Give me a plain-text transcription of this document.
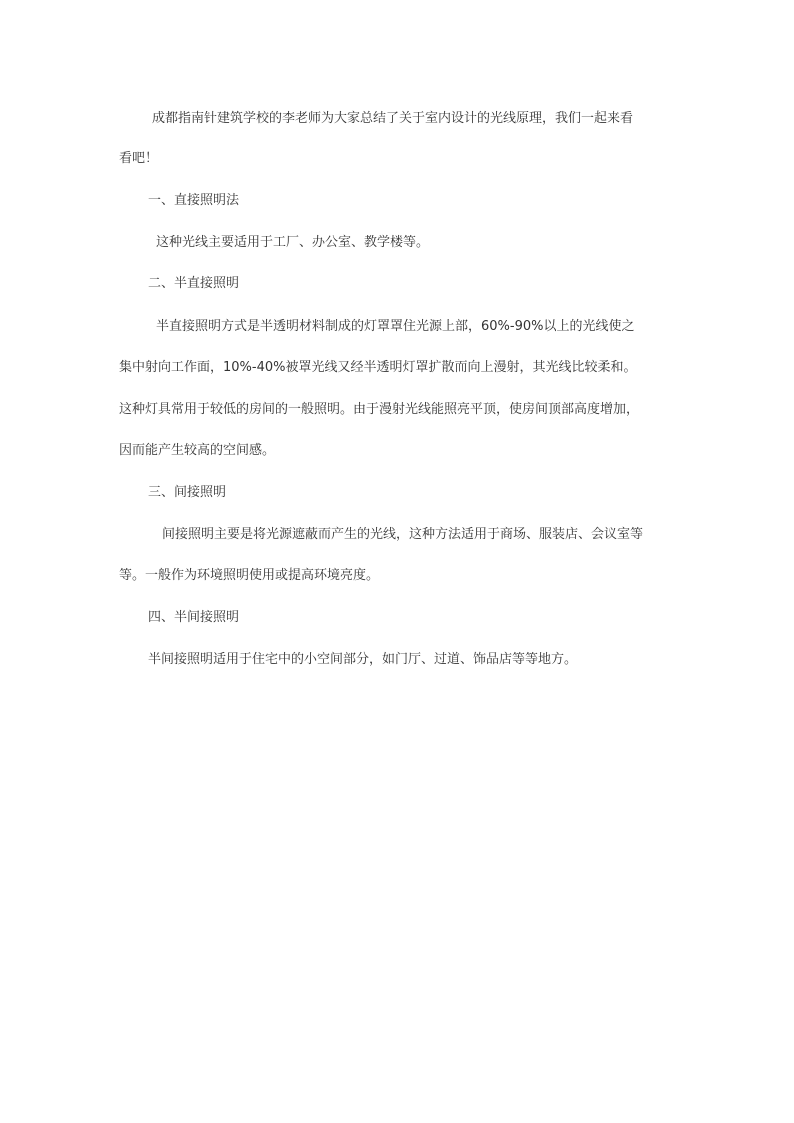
成都指南针建筑学校的李老师为大家总结了关于室内设计的光线原理，我们一起来看
看吧！
一、直接照明法
这种光线主要适用于工厂、办公室、教学楼等。
二、半直接照明
半直接照明方式是半透明材料制成的灯罩罩住光源上部，60%-90%以上的光线使之
集中射向工作面，10%-40%被罩光线又经半透明灯罩扩散而向上漫射，其光线比较柔和。
这种灯具常用于较低的房间的一般照明。由于漫射光线能照亮平顶，使房间顶部高度增加，
因而能产生较高的空间感。
三、间接照明
间接照明主要是将光源遮蔽而产生的光线，这种方法适用于商场、服装店、会议室等
等。一般作为环境照明使用或提高环境亮度。
四、半间接照明
半间接照明适用于住宅中的小空间部分，如门厅、过道、饰品店等等地方。
